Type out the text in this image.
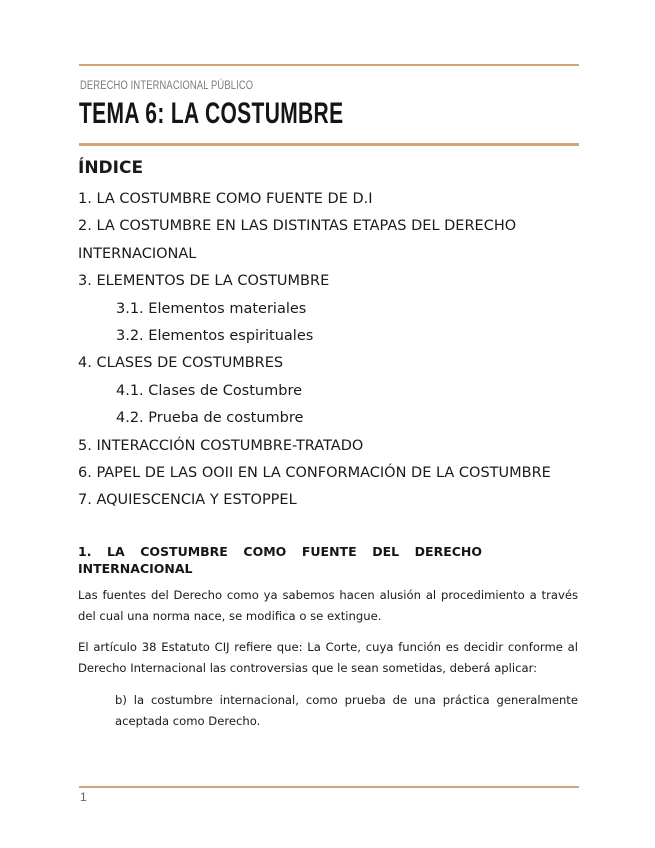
DERECHO INTERNACIONAL PÚBLICO
TEMA 6: LA COSTUMBRE
ÍNDICE
1. LA COSTUMBRE COMO FUENTE DE D.I
2. LA COSTUMBRE EN LAS DISTINTAS ETAPAS DEL DERECHO
INTERNACIONAL
3. ELEMENTOS DE LA COSTUMBRE
3.1. Elementos materiales
3.2. Elementos espirituales
4. CLASES DE COSTUMBRES
4.1. Clases de Costumbre
4.2. Prueba de costumbre
5. INTERACCIÓN COSTUMBRE-TRATADO
6. PAPEL DE LAS OOII EN LA CONFORMACIÓN DE LA COSTUMBRE
7. AQUIESCENCIA Y ESTOPPEL
1. LA COSTUMBRE COMO FUENTE DEL DERECHO
INTERNACIONAL
Las fuentes del Derecho como ya sabemos hacen alusión al procedimiento a través del cual una norma nace, se modifica o se extingue.
El artículo 38 Estatuto CIJ refiere que: La Corte, cuya función es decidir conforme al Derecho Internacional las controversias que le sean sometidas, deberá aplicar:
b) la costumbre internacional, como prueba de una práctica generalmente aceptada como Derecho.
1
